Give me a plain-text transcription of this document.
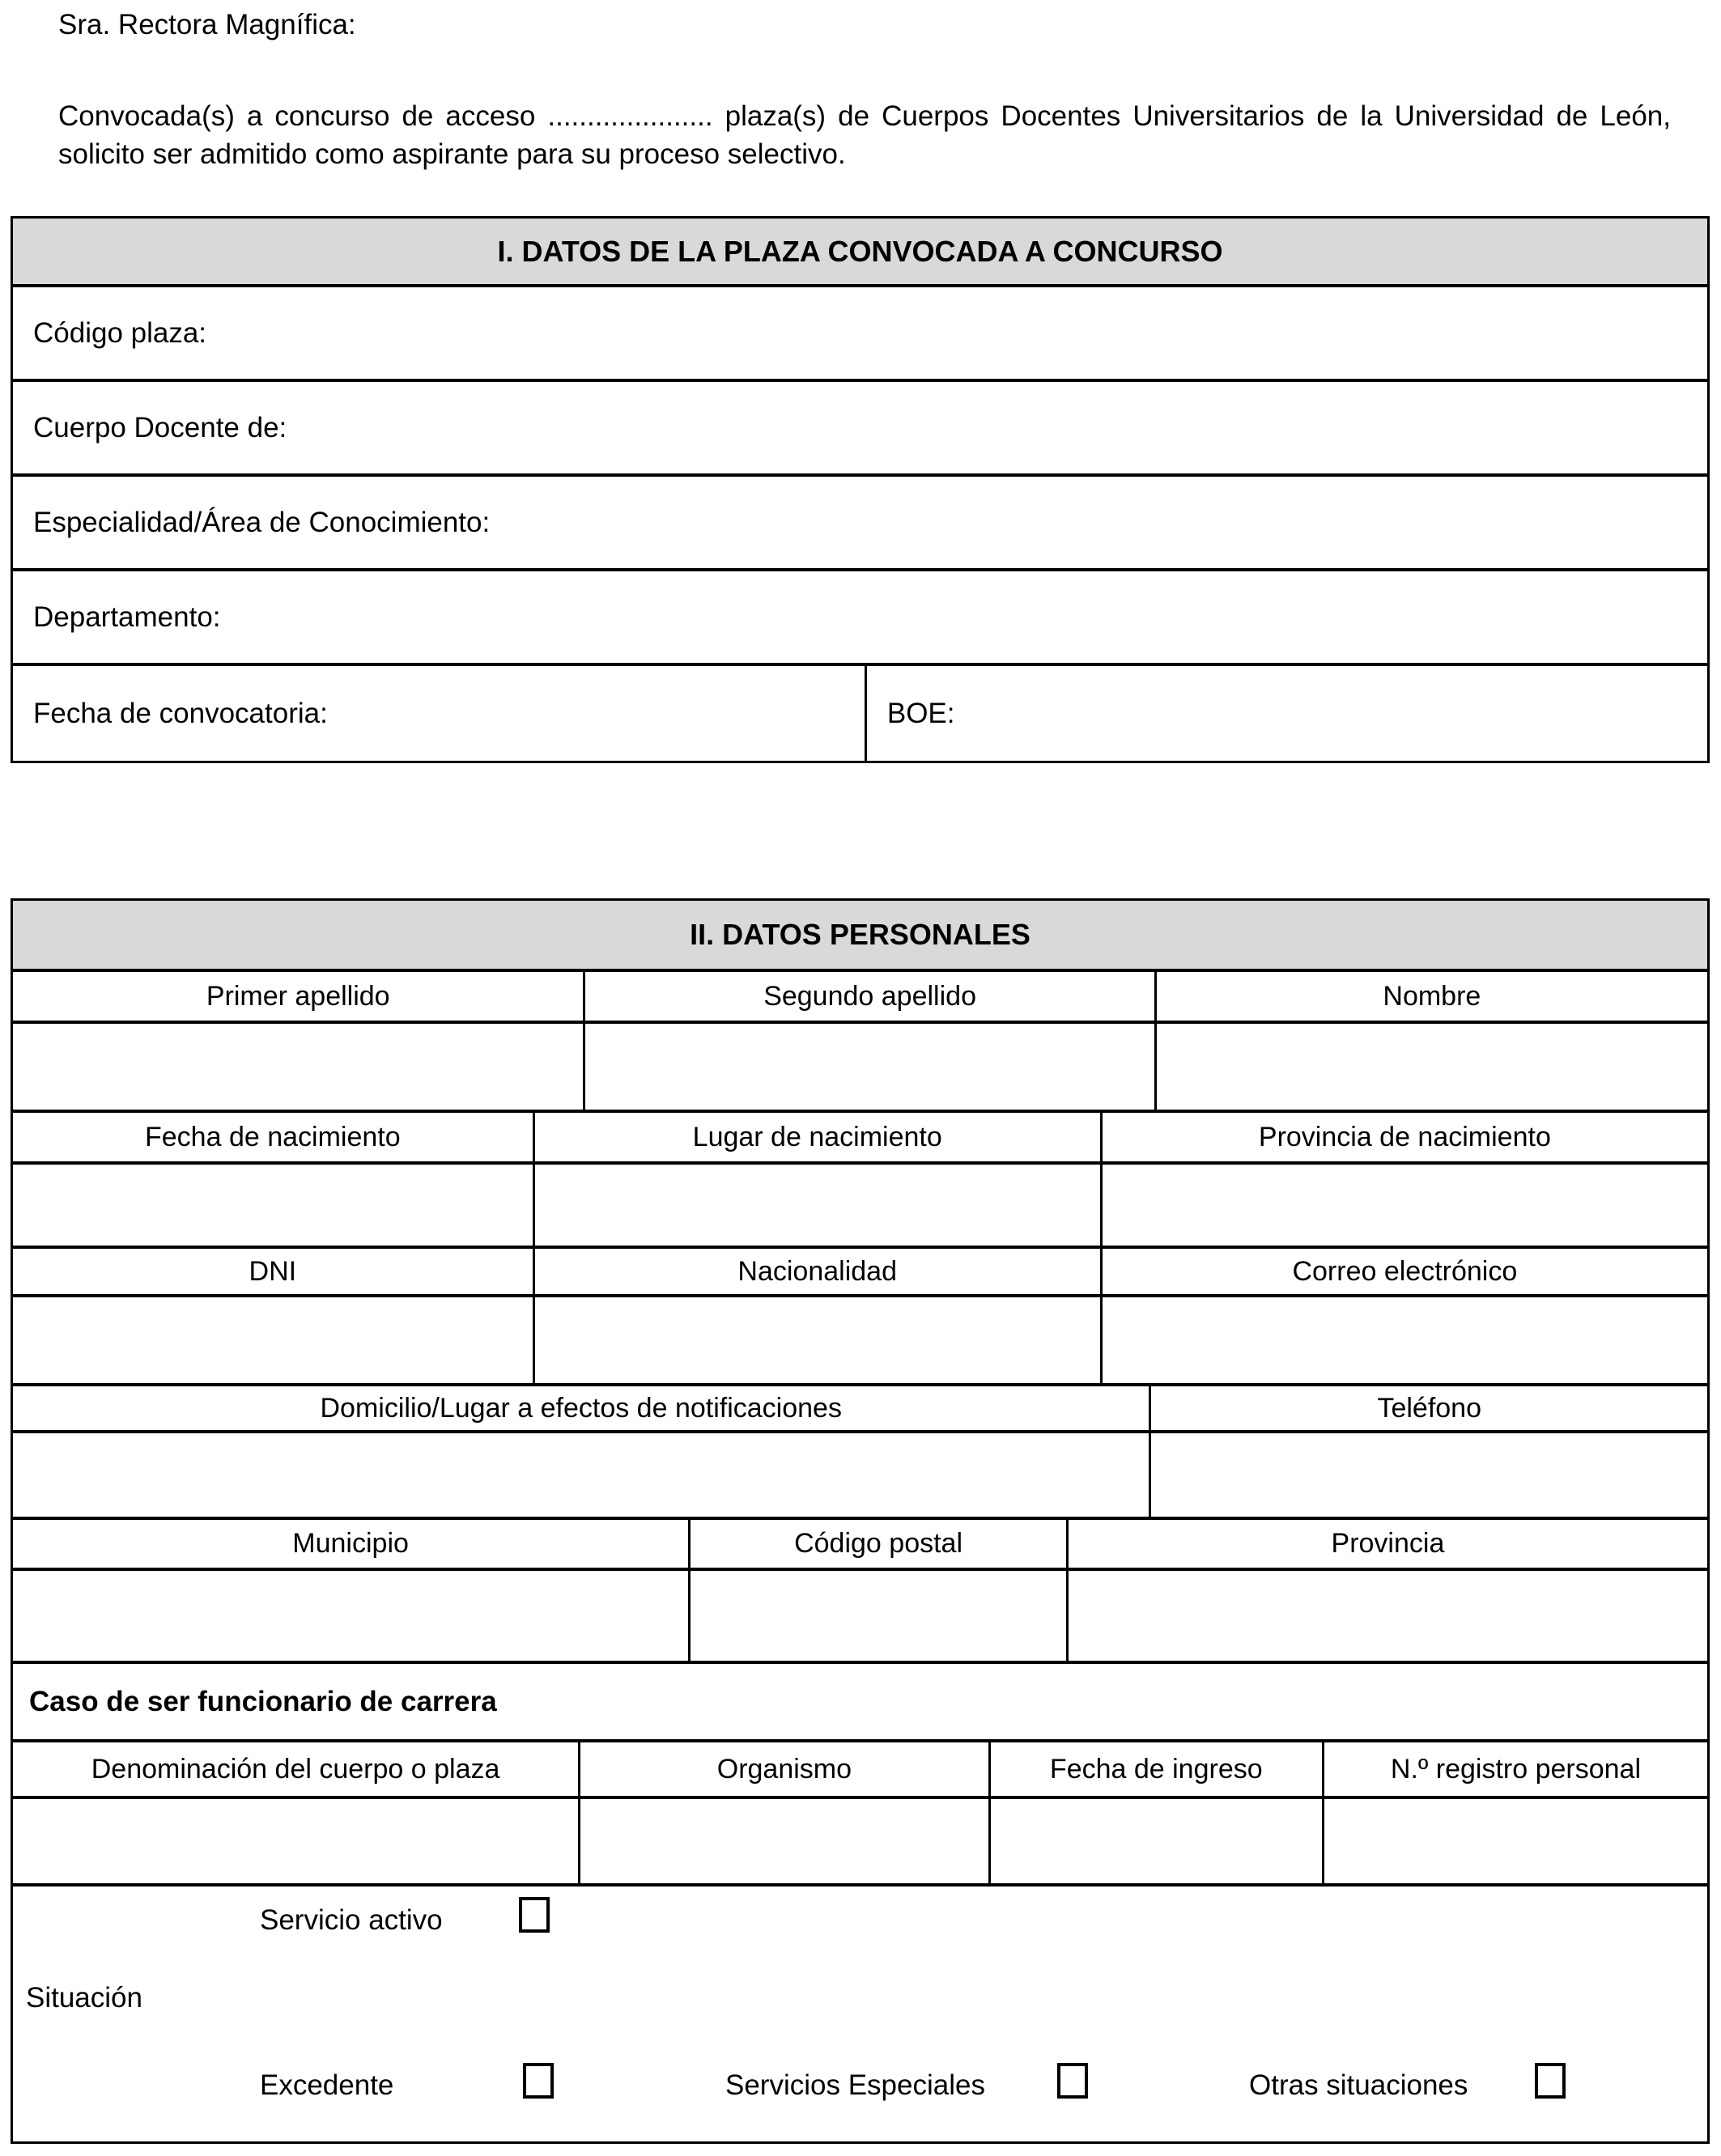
Sra. Rectora Magnífica:

Convocada(s) a concurso de acceso ..................... plaza(s) de Cuerpos Docentes Universitarios de la Universidad de León, solicito ser admitido como aspirante para su proceso selectivo.

I. DATOS DE LA PLAZA CONVOCADA A CONCURSO
Código plaza:
Cuerpo Docente de:
Especialidad/Área de Conocimiento:
Departamento:
Fecha de convocatoria:	BOE:
II. DATOS PERSONALES
Primer apellido	Segundo apellido	Nombre
Fecha de nacimiento	Lugar de nacimiento	Provincia de nacimiento
DNI	Nacionalidad	Correo electrónico
Domicilio/Lugar a efectos de notificaciones	Teléfono
Municipio	Código postal	Provincia
Caso de ser funcionario de carrera
Denominación del cuerpo o plaza	Organismo	Fecha de ingreso	N.º registro personal
Servicio activo
Situación
Excedente	Servicios Especiales	Otras situaciones
